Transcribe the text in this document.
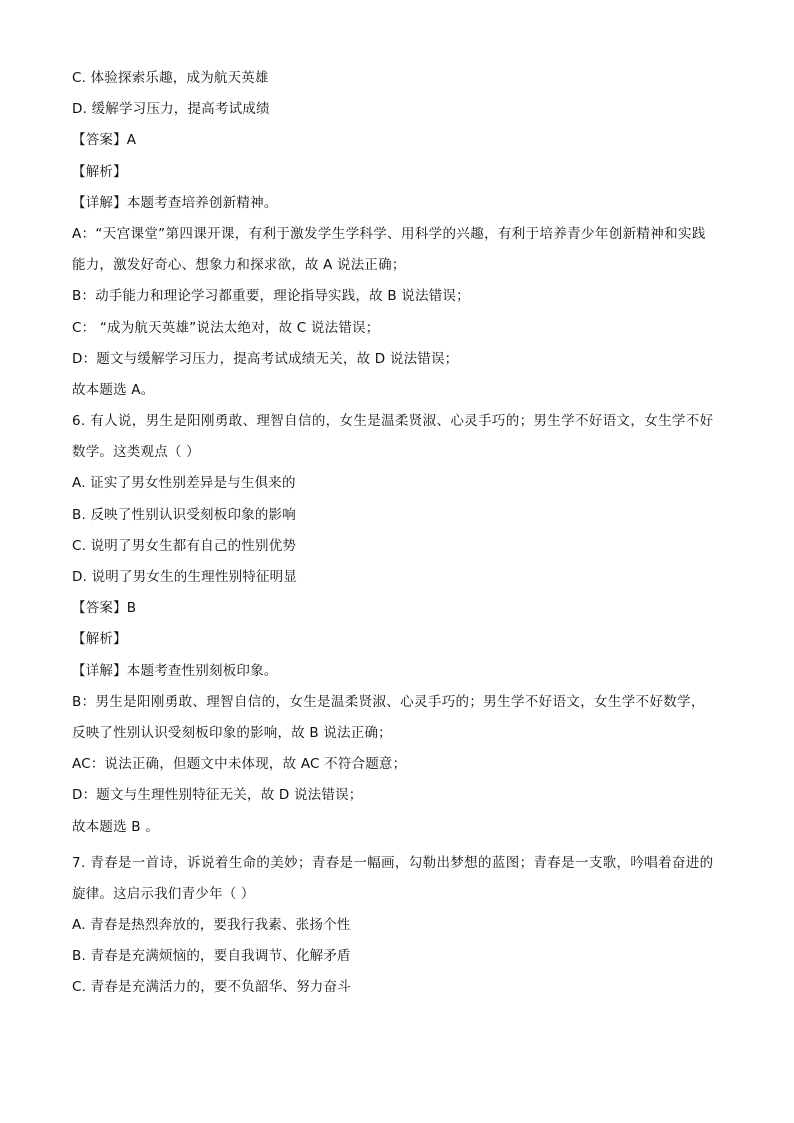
C. 体验探索乐趣，成为航天英雄
D. 缓解学习压力，提高考试成绩
【答案】A
【解析】
【详解】本题考查培养创新精神。
A：“天宫课堂”第四课开课，有利于激发学生学科学、用科学的兴趣，有利于培养青少年创新精神和实践
能力，激发好奇心、想象力和探求欲，故 A 说法正确；
B：动手能力和理论学习都重要，理论指导实践，故 B 说法错误；
C： “成为航天英雄”说法太绝对，故 C 说法错误；
D：题文与缓解学习压力，提高考试成绩无关，故 D 说法错误；
故本题选 A。
6. 有人说，男生是阳刚勇敢、理智自信的，女生是温柔贤淑、心灵手巧的；男生学不好语文，女生学不好
数学。这类观点（ ）
A. 证实了男女性别差异是与生俱来的
B. 反映了性别认识受刻板印象的影响
C. 说明了男女生都有自己的性别优势
D. 说明了男女生的生理性别特征明显
【答案】B
【解析】
【详解】本题考查性别刻板印象。
B：男生是阳刚勇敢、理智自信的，女生是温柔贤淑、心灵手巧的；男生学不好语文，女生学不好数学，
反映了性别认识受刻板印象的影响，故 B 说法正确；
AC：说法正确，但题文中未体现，故 AC 不符合题意；
D：题文与生理性别特征无关，故 D 说法错误；
故本题选 B 。
7. 青春是一首诗，诉说着生命的美妙；青春是一幅画，勾勒出梦想的蓝图；青春是一支歌，吟唱着奋进的
旋律。这启示我们青少年（ ）
A. 青春是热烈奔放的，要我行我素、张扬个性
B. 青春是充满烦恼的，要自我调节、化解矛盾
C. 青春是充满活力的，要不负韶华、努力奋斗
